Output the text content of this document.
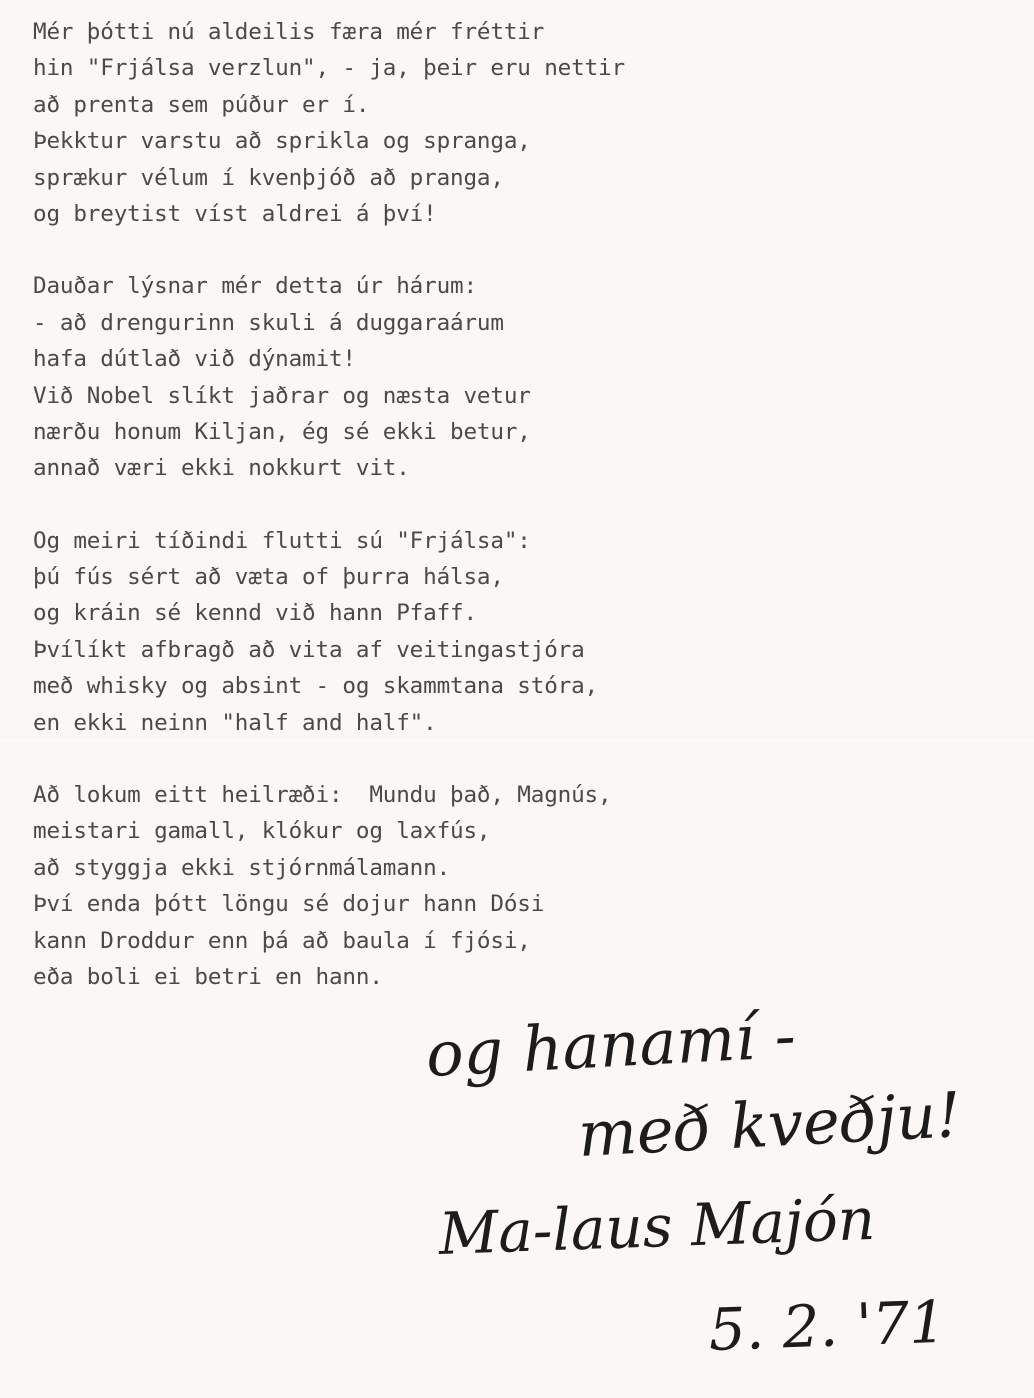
Mér þótti nú aldeilis færa mér fréttir
hin "Frjálsa verzlun", - ja, þeir eru nettir
að prenta sem púður er í.
Þekktur varstu að sprikla og spranga,
sprækur vélum í kvenþjóð að pranga,
og breytist víst aldrei á því!
Dauðar lýsnar mér detta úr hárum:
- að drengurinn skuli á duggaraárum
hafa dútlað við dýnamit!
Við Nobel slíkt jaðrar og næsta vetur
nærðu honum Kiljan, ég sé ekki betur,
annað væri ekki nokkurt vit.
Og meiri tíðindi flutti sú "Frjálsa":
þú fús sért að væta of þurra hálsa,
og kráin sé kennd við hann Pfaff.
Þvílíkt afbragð að vita af veitingastjóra
með whisky og absint - og skammtana stóra,
en ekki neinn "half and half".
Að lokum eitt heilræði:  Mundu það, Magnús,
meistari gamall, klókur og laxfús,
að styggja ekki stjórnmálamann.
Því enda þótt löngu sé dojur hann Dósi
kann Droddur enn þá að baula í fjósi,
eða boli ei betri en hann.
og hanamí -
með kveðju!
Ma-laus Majón
5. 2. '71
